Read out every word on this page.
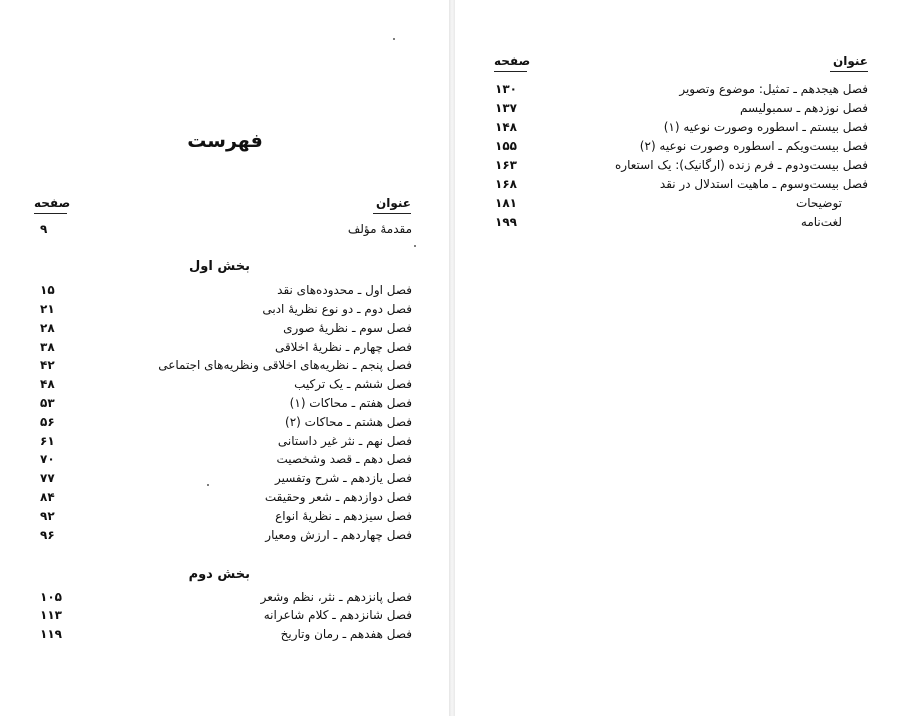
فهرست
عنوان
صفحه
مقدمهٔ مؤلف
۹
بخش اول
فصل اول ـ محدوده‌های نقد
۱۵
فصل دوم ـ دو نوع نظریهٔ ادبی
۲۱
فصل سوم ـ نظریهٔ صوری
۲۸
فصل چهارم ـ نظریهٔ اخلاقی
۳۸
فصل پنجم ـ نظریه‌های اخلاقی ونظریه‌های اجتماعی
۴۲
فصل ششم ـ یک ترکیب
۴۸
فصل هفتم ـ محاکات (۱)
۵۳
فصل هشتم ـ محاکات (۲)
۵۶
فصل نهم ـ نثر غیر داستانی
۶۱
فصل دهم ـ قصد وشخصیت
۷۰
فصل یازدهم ـ شرح وتفسیر
۷۷
فصل دوازدهم ـ شعر وحقیقت
۸۴
فصل سیزدهم ـ نظریهٔ انواع
۹۲
فصل چهاردهم ـ ارزش ومعیار
۹۶
بخش دوم
فصل پانزدهم ـ نثر، نظم وشعر
۱۰۵
فصل شانزدهم ـ کلام شاعرانه
۱۱۳
فصل هفدهم ـ رمان وتاریخ
۱۱۹
عنوان
صفحه
فصل هیجدهم ـ تمثیل: موضوع وتصویر
۱۳۰
فصل نوزدهم ـ سمبولیسم
۱۳۷
فصل بیستم ـ اسطوره وصورت نوعیه (۱)
۱۴۸
فصل بیست‌ویکم ـ اسطوره وصورت نوعیه (۲)
۱۵۵
فصل بیست‌ودوم ـ فرم زنده (ارگانیک): یک استعاره
۱۶۳
فصل بیست‌وسوم ـ ماهیت استدلال در نقد
۱۶۸
توضیحات
۱۸۱
لغت‌نامه
۱۹۹
